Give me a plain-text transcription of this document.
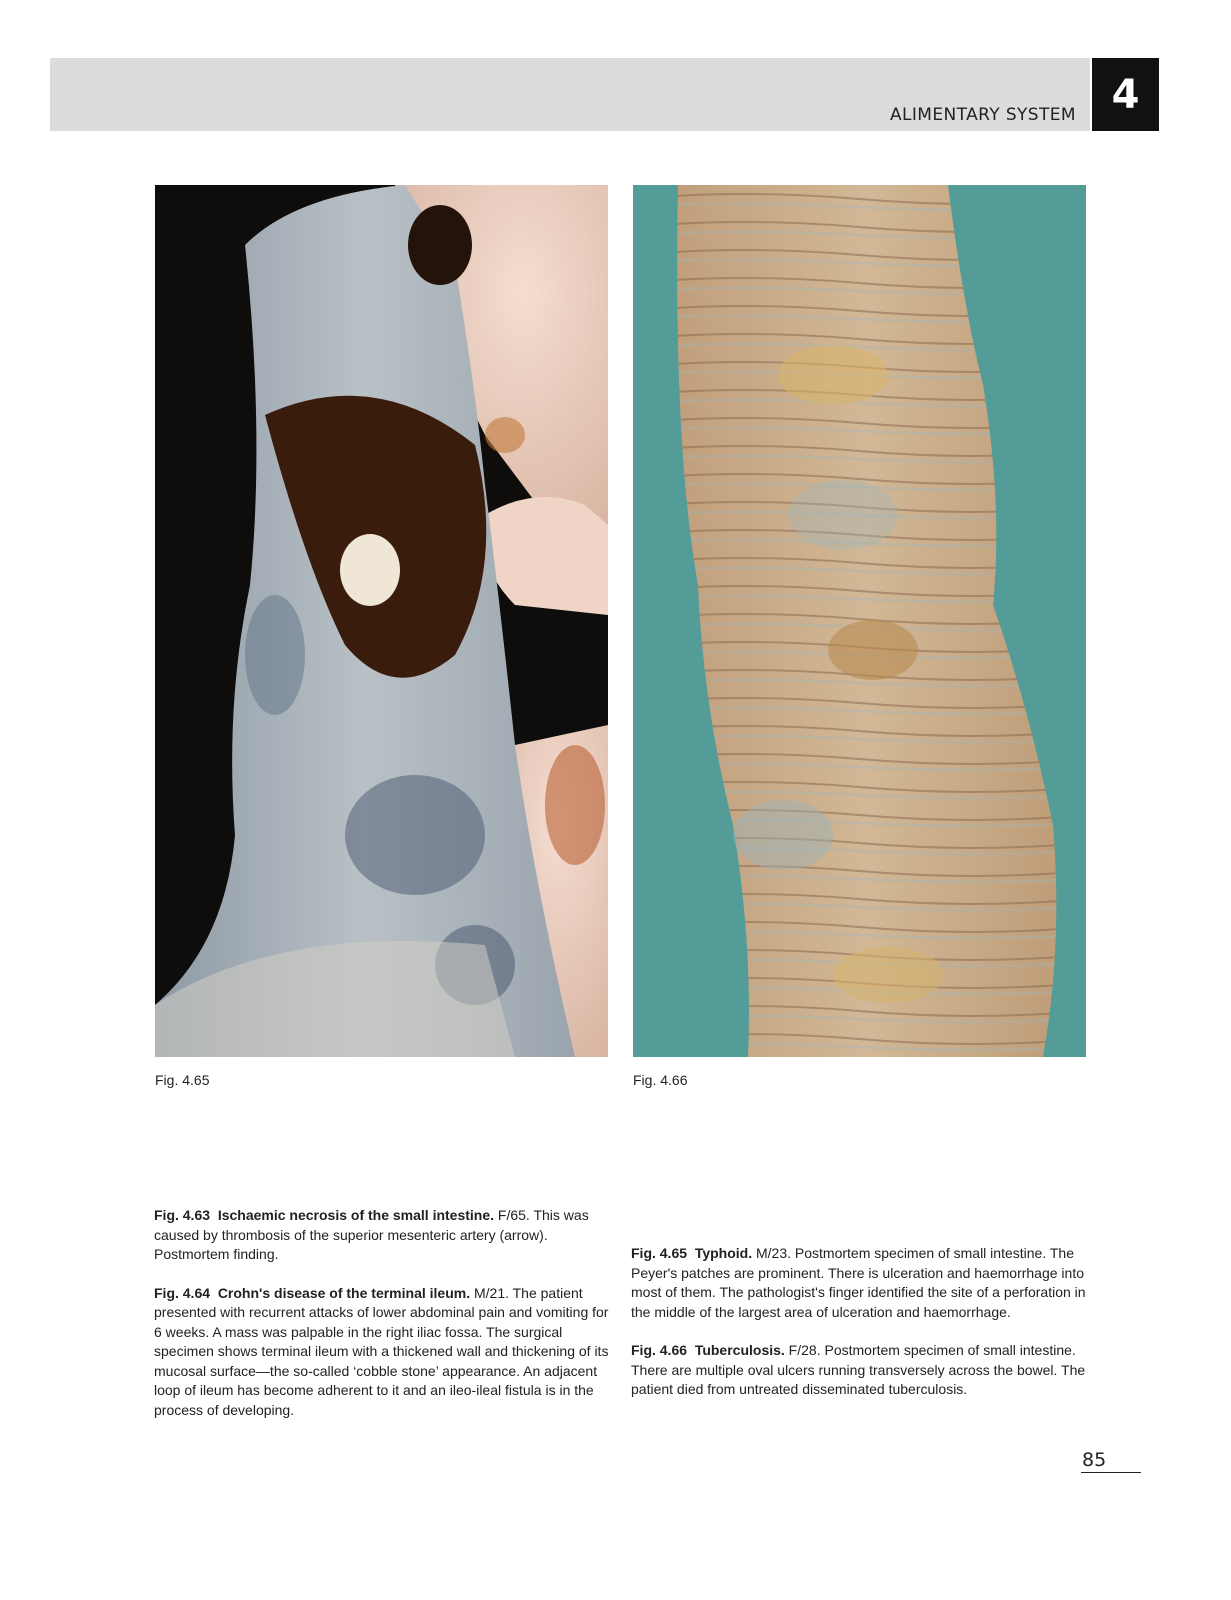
ALIMENTARY SYSTEM 4
Fig. 4.65	Fig. 4.66

Fig. 4.63 Ischaemic necrosis of the small intestine. F/65. This was caused by thrombosis of the superior mesenteric artery (arrow). Postmortem finding.

Fig. 4.64 Crohn's disease of the terminal ileum. M/21. The patient presented with recurrent attacks of lower abdominal pain and vomiting for 6 weeks. A mass was palpable in the right iliac fossa. The surgical specimen shows terminal ileum with a thickened wall and thickening of its mucosal surface—the so-called ‘cobble stone’ appearance. An adjacent loop of ileum has become adherent to it and an ileo-ileal fistula is in the process of developing.

Fig. 4.65 Typhoid. M/23. Postmortem specimen of small intestine. The Peyer's patches are prominent. There is ulceration and haemorrhage into most of them. The pathologist's finger identified the site of a perforation in the middle of the largest area of ulceration and haemorrhage.

Fig. 4.66 Tuberculosis. F/28. Postmortem specimen of small intestine. There are multiple oval ulcers running transversely across the bowel. The patient died from untreated disseminated tuberculosis.

85
